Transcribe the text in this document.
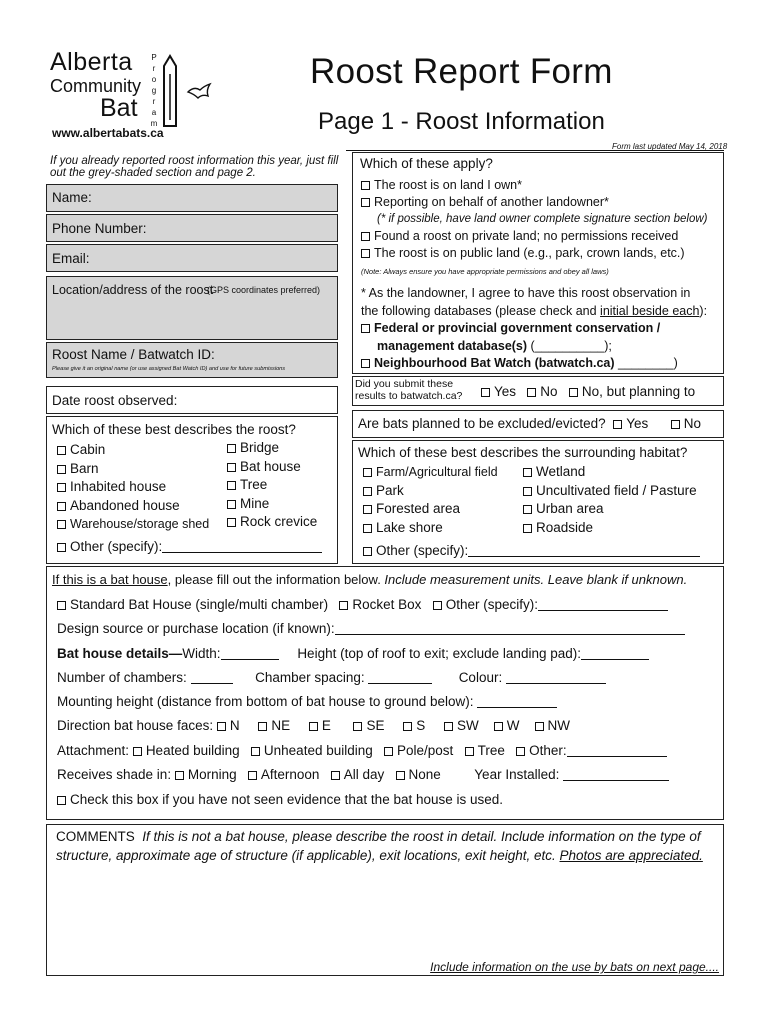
Alberta
Community
Bat
P
r
o
g
r
a
m
www.albertabats.ca
Roost Report Form
Page 1 - Roost Information
Form last updated May 14, 2018
If you already reported roost information this year, just fill out the grey-shaded section and page 2.
Name:
Phone Number:
Email:
Location/address of the roost
(GPS coordinates preferred)
Roost Name / Batwatch ID:
Please give it an original name (or use assigned Bat Watch ID) and use for future submissions
Date roost observed:
Which of these best describes the roost?
Cabin
Barn
Inhabited house
Abandoned house
Warehouse/storage shed
Bridge
Bat house
Tree
Mine
Rock crevice
Other (specify):
Which of these apply?
The roost is on land I own*
Reporting on behalf of another landowner*
(* if possible, have land owner complete signature section below)
Found a roost on private land; no permissions received
The roost is on public land (e.g., park, crown lands, etc.)
(Note: Always ensure you have appropriate permissions and obey all laws)
* As the landowner, I agree to have this roost observation in
the following databases (please check and initial beside each):
Federal or provincial government conservation /
management database(s) (__________);
Neighbourhood Bat Watch (batwatch.ca) ________)
Did you submit these
results to batwatch.ca?	Yes No No, but planning to
Are bats planned to be excluded/evicted? Yes	No
Which of these best describes the surrounding habitat?
Farm/Agricultural field
Park
Forested area
Lake shore
Wetland
Uncultivated field / Pasture
Urban area
Roadside
Other (specify):
If this is a bat house, please fill out the information below. Include measurement units. Leave blank if unknown.
Standard Bat House (single/multi chamber) Rocket Box Other (specify):
Design source or purchase location (if known):
Bat house details—Width:	Height (top of roof to exit; exclude landing pad):
Number of chambers:	Chamber spacing:	Colour:
Mounting height (distance from bottom of bat house to ground below):
Direction bat house faces: N NE E	SE S SW W NW
Attachment: Heated building Unheated building Pole/post Tree Other:
Receives shade in: Morning Afternoon All day None Year Installed:
Check this box if you have not seen evidence that the bat house is used.
COMMENTS If this is not a bat house, please describe the roost in detail. Include information on the type of
structure, approximate age of structure (if applicable), exit locations, exit height, etc. Photos are appreciated.
Include information on the use by bats on next page....
